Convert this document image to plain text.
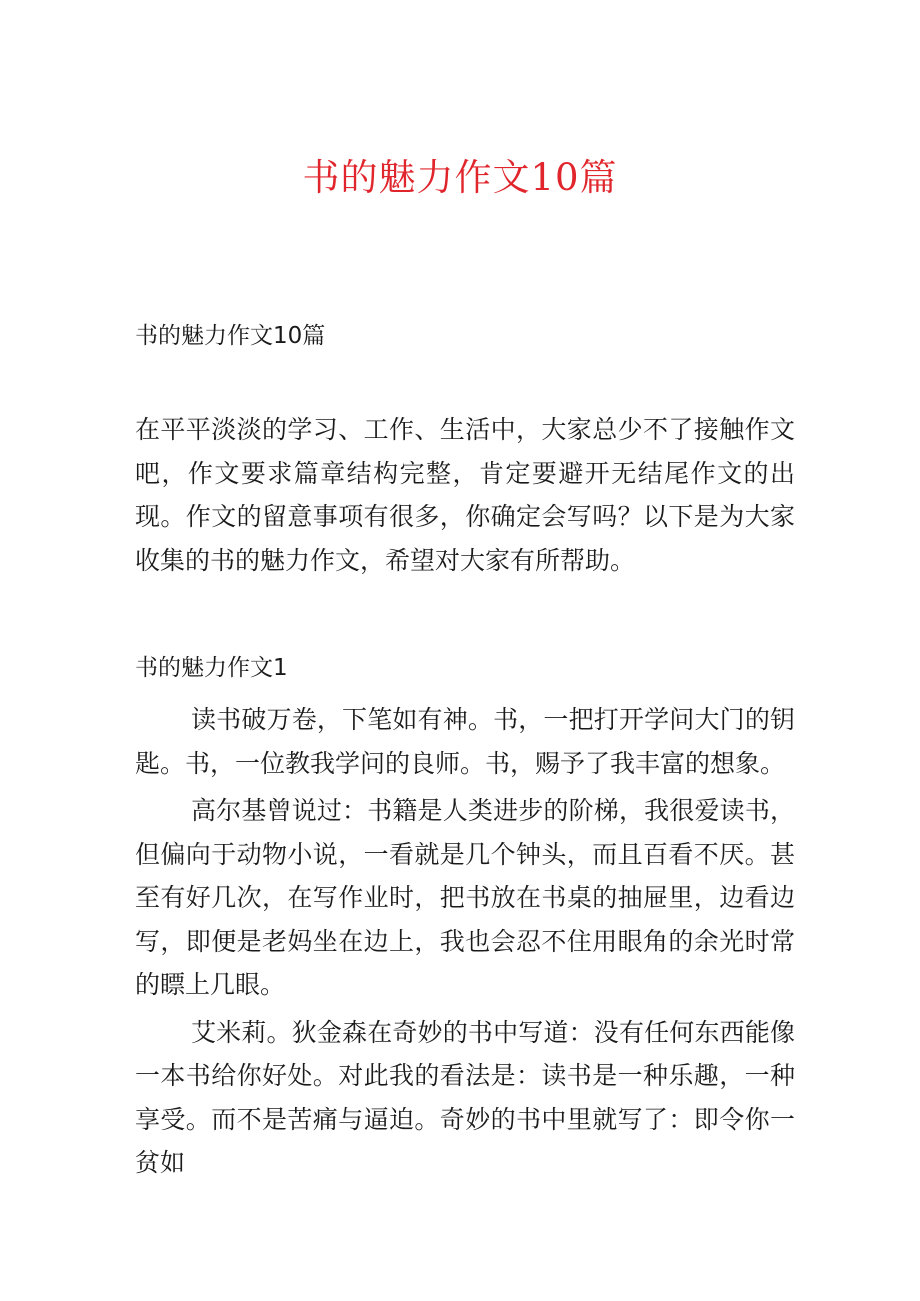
书的魅力作文10篇
书的魅力作文10篇

在平平淡淡的学习、工作、生活中，大家总少不了接触作文吧，作文要求篇章结构完整，肯定要避开无结尾作文的出现。作文的留意事项有很多，你确定会写吗？以下是为大家收集的书的魅力作文，希望对大家有所帮助。

书的魅力作文1

读书破万卷，下笔如有神。书，一把打开学问大门的钥匙。书，一位教我学问的良师。书，赐予了我丰富的想象。

高尔基曾说过：书籍是人类进步的阶梯，我很爱读书，但偏向于动物小说，一看就是几个钟头，而且百看不厌。甚至有好几次，在写作业时，把书放在书桌的抽屉里，边看边写，即便是老妈坐在边上，我也会忍不住用眼角的余光时常的瞟上几眼。

艾米莉。狄金森在奇妙的书中写道：没有任何东西能像一本书给你好处。对此我的看法是：读书是一种乐趣，一种享受。而不是苦痛与逼迫。奇妙的书中里就写了：即令你一贫如
